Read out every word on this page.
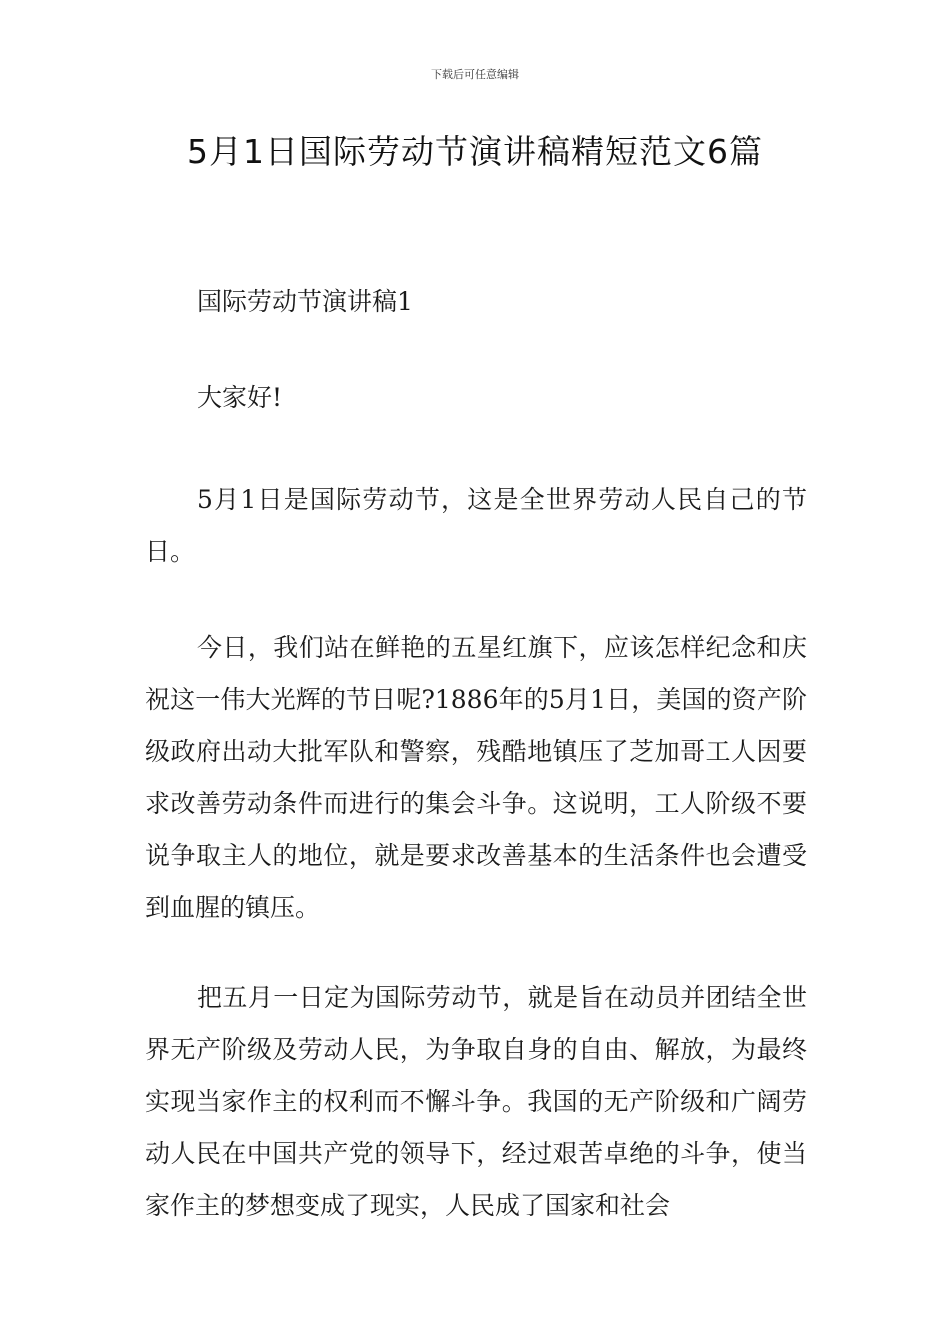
下载后可任意编辑
5月1日国际劳动节演讲稿精短范文6篇

国际劳动节演讲稿1

大家好!

5月1日是国际劳动节，这是全世界劳动人民自己的节日。

今日，我们站在鲜艳的五星红旗下，应该怎样纪念和庆祝这一伟大光辉的节日呢?1886年的5月1日，美国的资产阶级政府出动大批军队和警察，残酷地镇压了芝加哥工人因要求改善劳动条件而进行的集会斗争。这说明，工人阶级不要说争取主人的地位，就是要求改善基本的生活条件也会遭受到血腥的镇压。

把五月一日定为国际劳动节，就是旨在动员并团结全世界无产阶级及劳动人民，为争取自身的自由、解放，为最终实现当家作主的权利而不懈斗争。我国的无产阶级和广阔劳动人民在中国共产党的领导下，经过艰苦卓绝的斗争，使当家作主的梦想变成了现实，人民成了国家和社会
